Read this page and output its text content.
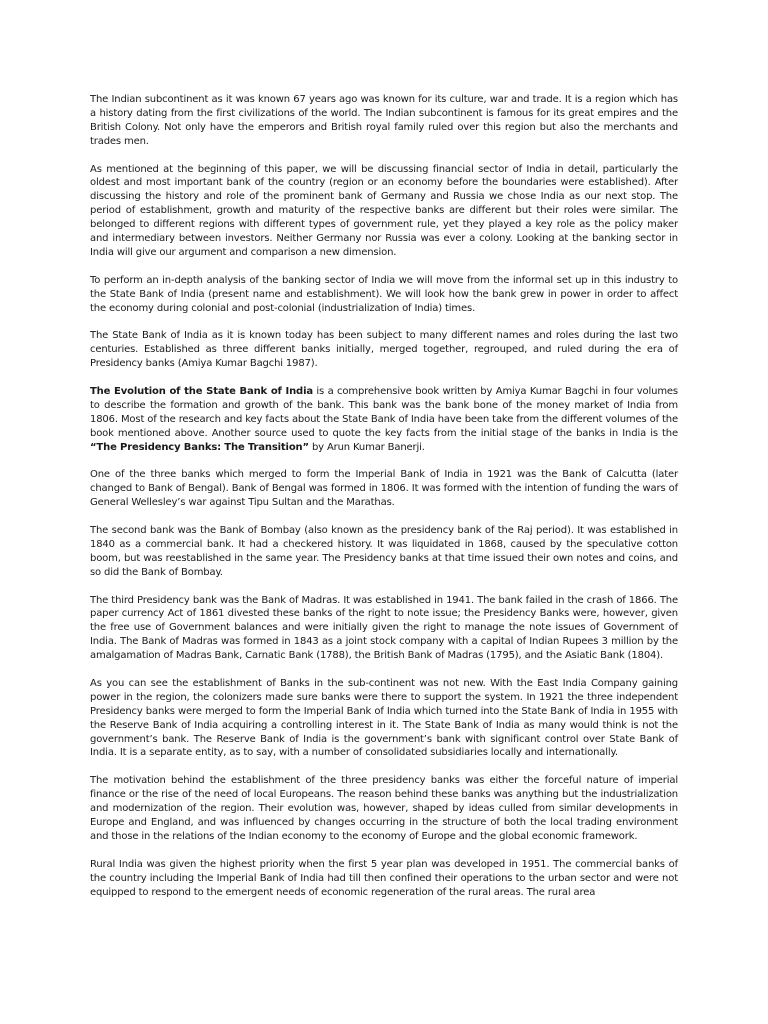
The Indian subcontinent as it was known 67 years ago was known for its culture, war and trade. It is a region which has a history dating from the first civilizations of the world. The Indian subcontinent is famous for its great empires and the British Colony. Not only have the emperors and British royal family ruled over this region but also the merchants and trades men.

As mentioned at the beginning of this paper, we will be discussing financial sector of India in detail, particularly the oldest and most important bank of the country (region or an economy before the boundaries were established). After discussing the history and role of the prominent bank of Germany and Russia we chose India as our next stop. The period of establishment, growth and maturity of the respective banks are different but their roles were similar. The belonged to different regions with different types of government rule, yet they played a key role as the policy maker and intermediary between investors. Neither Germany nor Russia was ever a colony. Looking at the banking sector in India will give our argument and comparison a new dimension.

To perform an in-depth analysis of the banking sector of India we will move from the informal set up in this industry to the State Bank of India (present name and establishment). We will look how the bank grew in power in order to affect the economy during colonial and post-colonial (industrialization of India) times.

The State Bank of India as it is known today has been subject to many different names and roles during the last two centuries. Established as three different banks initially, merged together, regrouped, and ruled during the era of Presidency banks (Amiya Kumar Bagchi 1987).

The Evolution of the State Bank of India is a comprehensive book written by Amiya Kumar Bagchi in four volumes to describe the formation and growth of the bank. This bank was the bank bone of the money market of India from 1806. Most of the research and key facts about the State Bank of India have been take from the different volumes of the book mentioned above. Another source used to quote the key facts from the initial stage of the banks in India is the “The Presidency Banks: The Transition” by Arun Kumar Banerji.

One of the three banks which merged to form the Imperial Bank of India in 1921 was the Bank of Calcutta (later changed to Bank of Bengal). Bank of Bengal was formed in 1806. It was formed with the intention of funding the wars of General Wellesley’s war against Tipu Sultan and the Marathas.

The second bank was the Bank of Bombay (also known as the presidency bank of the Raj period). It was established in 1840 as a commercial bank. It had a checkered history. It was liquidated in 1868, caused by the speculative cotton boom, but was reestablished in the same year. The Presidency banks at that time issued their own notes and coins, and so did the Bank of Bombay.

The third Presidency bank was the Bank of Madras. It was established in 1941. The bank failed in the crash of 1866. The paper currency Act of 1861 divested these banks of the right to note issue; the Presidency Banks were, however, given the free use of Government balances and were initially given the right to manage the note issues of Government of India. The Bank of Madras was formed in 1843 as a joint stock company with a capital of Indian Rupees 3 million by the amalgamation of Madras Bank, Carnatic Bank (1788), the British Bank of Madras (1795), and the Asiatic Bank (1804).

As you can see the establishment of Banks in the sub-continent was not new. With the East India Company gaining power in the region, the colonizers made sure banks were there to support the system. In 1921 the three independent Presidency banks were merged to form the Imperial Bank of India which turned into the State Bank of India in 1955 with the Reserve Bank of India acquiring a controlling interest in it. The State Bank of India as many would think is not the government’s bank. The Reserve Bank of India is the government’s bank with significant control over State Bank of India. It is a separate entity, as to say, with a number of consolidated subsidiaries locally and internationally.

The motivation behind the establishment of the three presidency banks was either the forceful nature of imperial finance or the rise of the need of local Europeans. The reason behind these banks was anything but the industrialization and modernization of the region. Their evolution was, however, shaped by ideas culled from similar developments in Europe and England, and was influenced by changes occurring in the structure of both the local trading environment and those in the relations of the Indian economy to the economy of Europe and the global economic framework.

Rural India was given the highest priority when the first 5 year plan was developed in 1951. The commercial banks of the country including the Imperial Bank of India had till then confined their operations to the urban sector and were not equipped to respond to the emergent needs of economic regeneration of the rural areas. The rural area
